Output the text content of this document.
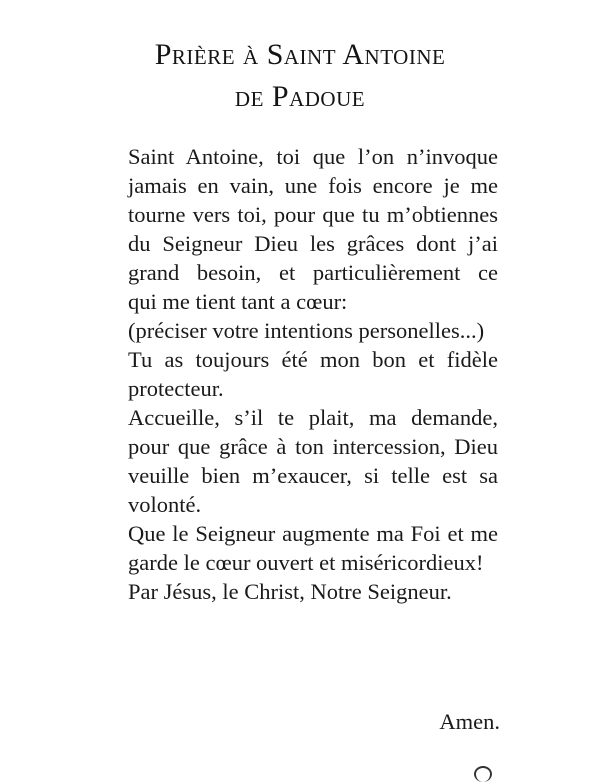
Prière à Saint Antoine
de Padoue
Saint Antoine, toi que l’on n’invoque
jamais en vain, une fois encore je me
tourne vers toi, pour que tu m’obtiennes
du Seigneur Dieu les grâces dont j’ai
grand besoin, et particulièrement ce
qui me tient tant a cœur:
(préciser votre intentions personelles...)
Tu as toujours été mon bon et fidèle
protecteur.
Accueille, s’il te plait, ma demande,
pour que grâce à ton intercession, Dieu
veuille bien m’exaucer, si telle est sa
volonté.
Que le Seigneur augmente ma Foi et me
garde le cœur ouvert et miséricordieux!
Par Jésus, le Christ, Notre Seigneur.
Amen.
